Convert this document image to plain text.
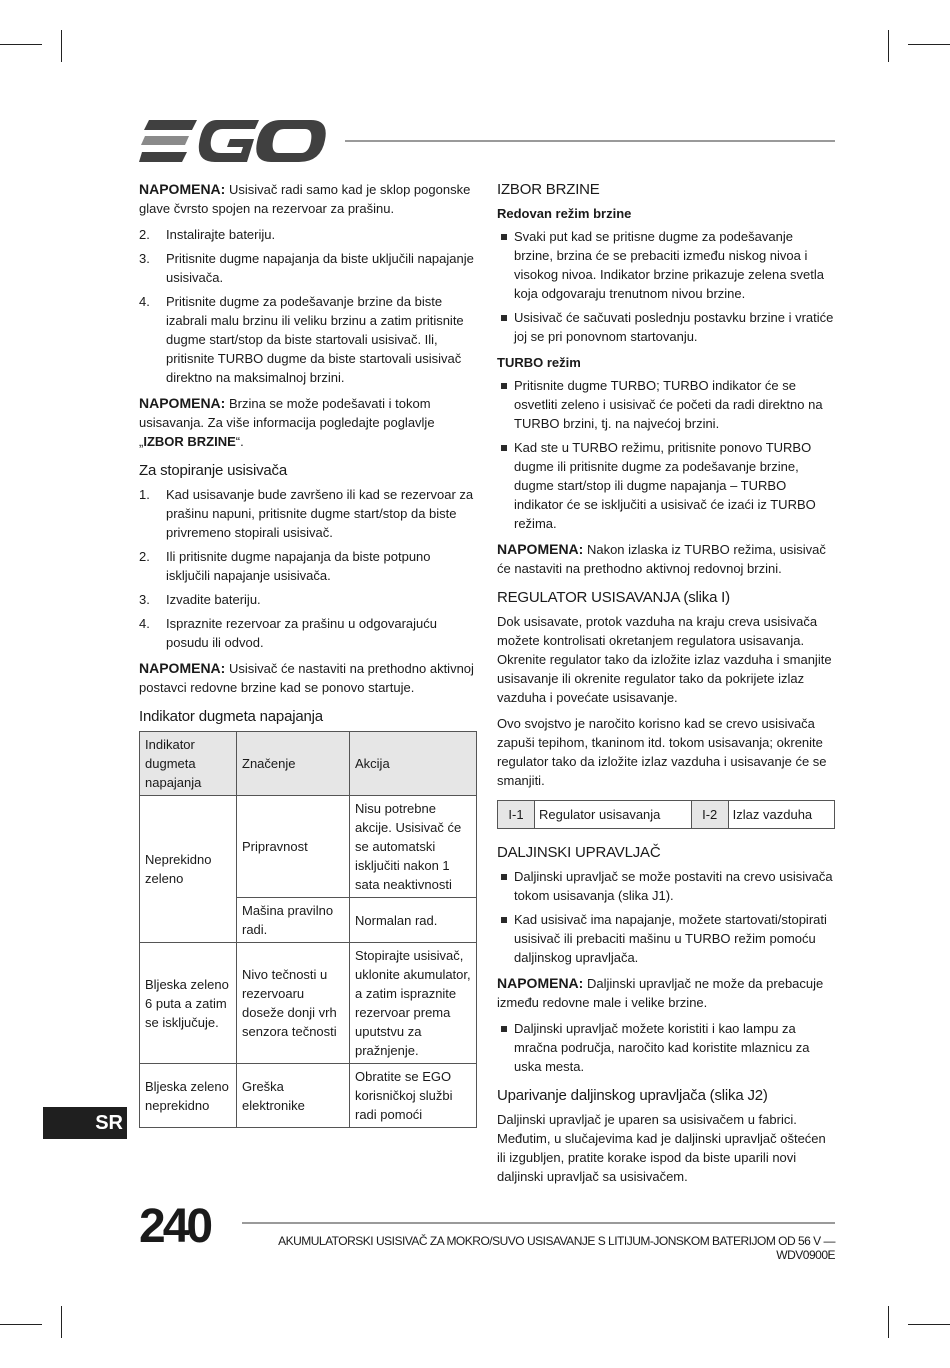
NAPOMENA: Usisivač radi samo kad je sklop pogonske glave čvrsto spojen na rezervoar za prašinu.

2. Instalirajte bateriju.
3. Pritisnite dugme napajanja da biste uključili napajanje usisivača.
4. Pritisnite dugme za podešavanje brzine da biste izabrali malu brzinu ili veliku brzinu a zatim pritisnite dugme start/stop da biste startovali usisivač. Ili, pritisnite TURBO dugme da biste startovali usisivač direktno na maksimalnoj brzini.

NAPOMENA: Brzina se može podešavati i tokom usisavanja. Za više informacija pogledajte poglavlje „IZBOR BRZINE“.

Za stopiranje usisivača
1. Kad usisavanje bude završeno ili kad se rezervoar za prašinu napuni, pritisnite dugme start/stop da biste privremeno stopirali usisivač.
2. Ili pritisnite dugme napajanja da biste potpuno isključili napajanje usisivača.
3. Izvadite bateriju.
4. Ispraznite rezervoar za prašinu u odgovarajuću posudu ili odvod.

NAPOMENA: Usisivač će nastaviti na prethodno aktivnoj postavci redovne brzine kad se ponovo startuje.

Indikator dugmeta napajanja
Indikator dugmeta napajanja	Značenje	Akcija
Neprekidno zeleno	Pripravnost	Nisu potrebne akcije. Usisivač će se automatski isključiti nakon 1 sata neaktivnosti
	Mašina pravilno radi.	Normalan rad.
Bljeska zeleno 6 puta a zatim se isključuje.	Nivo tečnosti u rezervoaru doseže donji vrh senzora tečnosti	Stopirajte usisivač, uklonite akumulator, a zatim ispraznite rezervoar prema uputstvu za pražnjenje.
Bljeska zeleno neprekidno	Greška elektronike	Obratite se EGO korisničkoj službi radi pomoći
IZBOR BRZINE
Redovan režim brzine
Svaki put kad se pritisne dugme za podešavanje brzine, brzina će se prebaciti između niskog nivoa i visokog nivoa. Indikator brzine prikazuje zelena svetla koja odgovaraju trenutnom nivou brzine.
Usisivač će sačuvati poslednju postavku brzine i vratiće joj se pri ponovnom startovanju.
TURBO režim
Pritisnite dugme TURBO; TURBO indikator će se osvetliti zeleno i usisivač će početi da radi direktno na TURBO brzini, tj. na najvećoj brzini.
Kad ste u TURBO režimu, pritisnite ponovo TURBO dugme ili pritisnite dugme za podešavanje brzine, dugme start/stop ili dugme napajanja – TURBO indikator će se isključiti a usisivač će izaći iz TURBO režima.

NAPOMENA: Nakon izlaska iz TURBO režima, usisivač će nastaviti na prethodno aktivnoj redovnoj brzini.

REGULATOR USISAVANJA (slika I)

Dok usisavate, protok vazduha na kraju creva usisivača možete kontrolisati okretanjem regulatora usisavanja. Okrenite regulator tako da izložite izlaz vazduha i smanjite usisavanje ili okrenite regulator tako da pokrijete izlaz vazduha i povećate usisavanje.

Ovo svojstvo je naročito korisno kad se crevo usisivača zapuši tepihom, tkaninom itd. tokom usisavanja; okrenite regulator tako da izložite izlaz vazduha i usisavanje će se smanjiti.

I-1	Regulator usisavanja	I-2	Izlaz vazduha
DALJINSKI UPRAVLJAČ
Daljinski upravljač se može postaviti na crevo usisivača tokom usisavanja (slika J1).
Kad usisivač ima napajanje, možete startovati/stopirati usisivač ili prebaciti mašinu u TURBO režim pomoću daljinskog upravljača.

NAPOMENA: Daljinski upravljač ne može da prebacuje između redovne male i velike brzine.

Daljinski upravljač možete koristiti i kao lampu za mračna područja, naročito kad koristite mlaznicu za uska mesta.
Uparivanje daljinskog upravljača (slika J2)

Daljinski upravljač je uparen sa usisivačem u fabrici. Međutim, u slučajevima kad je daljinski upravljač oštećen ili izgubljen, pratite korake ispod da biste uparili novi daljinski upravljač sa usisivačem.

SR
240	AKUMULATORSKI USISIVAČ ZA MOKRO/SUVO USISAVANJE S LITIJUM-JONSKOM BATERIJOM OD 56 V — WDV0900E
